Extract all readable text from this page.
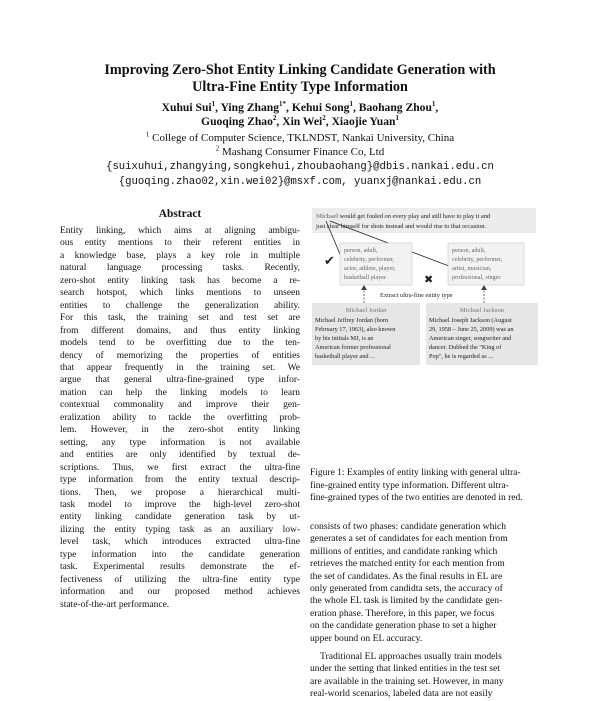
Improving Zero-Shot Entity Linking Candidate Generation with
Ultra-Fine Entity Type Information
Xuhui Sui$^1$, Ying Zhang$^{1*}$, Kehui Song$^1$, Baohang Zhou$^1$,
Guoqing Zhao$^2$, Xin Wei$^2$, Xiaojie Yuan$^1$
$^1$ College of Computer Science, TKLNDST, Nankai University, China
$^2$ Mashang Consumer Finance Co, Ltd
{suixuhui,zhangying,songkehui,zhoubaohang}@dbis.nankai.edu.cn
{guoqing.zhao02,xin.wei02}@msxf.com, yuanxj@nankai.edu.cn
Abstract
Entity linking, which aims at aligning ambigu-
ous entity mentions to their referent entities in
a knowledge base, plays a key role in multiple
natural language processing tasks. Recently,
zero-shot entity linking task has become a re-
search hotspot, which links mentions to unseen
entities to challenge the generalization ability.
For this task, the training set and test set are
from different domains, and thus entity linking
models tend to be overfitting due to the ten-
dency of memorizing the properties of entities
that appear frequently in the training set. We
argue that general ultra-fine-grained type infor-
mation can help the linking models to learn
contextual commonality and improve their gen-
eralization ability to tackle the overfitting prob-
lem. However, in the zero-shot entity linking
setting, any type information is not available
and entities are only identified by textual de-
scriptions. Thus, we first extract the ultra-fine
type information from the entity textual descrip-
tions. Then, we propose a hierarchical multi-
task model to improve the high-level zero-shot
entity linking candidate generation task by ut-
ilizing the entity typing task as an auxiliary low-
level task, which introduces extracted ultra-fine
type information into the candidate generation
task. Experimental results demonstrate the ef-
fectiveness of utilizing the ultra-fine entity type
information and our proposed method achieves
state-of-the-art performance.
Michael would get fouled on every play and still have to play it and
just clear himself for shots instead and would rise to that occasion.
✔
✖
person, adult, celebrity, performer, actor, athlete, player, basketball player
person, adult, celebrity, performer, artist, musician, professional, singer
Extract ultra-fine entity type
Michael Jordan
Michael Jeffrey Jordan (born February 17, 1963), also known by his initials MJ, is an American former professional basketball player and ...
Michael Jackson
Michael Joseph Jackson (August 29, 1958 – June 25, 2009) was an American singer, songwriter and dancer. Dubbed the "King of Pop", he is regarded as ...
Figure 1: Examples of entity linking with general ultra-
fine-grained entity type information. Different ultra-
fine-grained types of the two entities are denoted in red.
consists of two phases: candidate generation which
generates a set of candidates for each mention from
millions of entities, and candidate ranking which
retrieves the matched entity for each mention from
the set of candidates. As the final results in EL are
only generated from candidta sets, the accuracy of
the whole EL task is limited by the candidate gen-
eration phase. Therefore, in this paper, we focus
on the candidate generation phase to set a higher
upper bound on EL accuracy.
Traditional EL approaches usually train models
under the setting that linked entities in the test set
are available in the training set. However, in many
real-world scenarios, labeled data are not easily
